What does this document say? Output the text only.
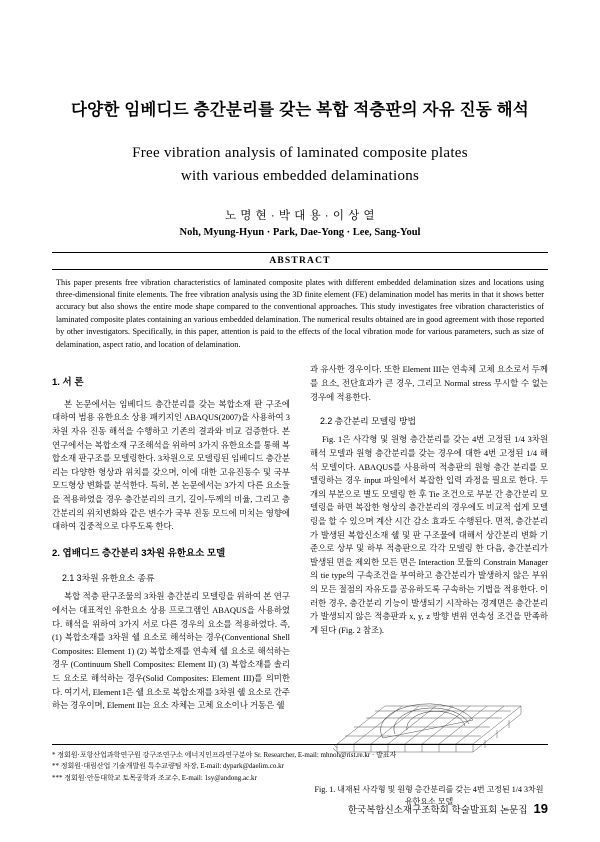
다양한 임베디드 층간분리를 갖는 복합 적층판의 자유 진동 해석
Free vibration analysis of laminated composite plates
with various embedded delaminations
노 명 현 · 박 대 용 · 이 상 열
Noh, Myung-Hyun · Park, Dae-Yong · Lee, Sang-Youl
ABSTRACT
This paper presents free vibration characteristics of laminated composite plates with different embedded delamination sizes and locations using three-dimensional finite elements. The free vibration analysis using the 3D finite element (FE) delamination model has merits in that it shows better accuracy but also shows the entire mode shape compared to the conventional approaches. This study investigates free vibration characteristics of laminated composite plates containing an various embedded delamination. The numerical results obtained are in good agreement with those reported by other investigators. Specifically, in this paper, attention is paid to the effects of the local vibration mode for various parameters, such as size of delamination, aspect ratio, and location of delamination.
1. 서 론

본 논문에서는 임베디드 층간분리를 갖는 복합소재 판 구조에 대하여 범용 유한요소 상용 패키지인 ABAQUS(2007)을 사용하여 3차원 자유 진동 해석을 수행하고 기존의 결과와 비교 검증한다. 본 연구에서는 복합소재 구조해석을 위하여 3가지 유한요소를 통해 복합소재 판구조를 모델링한다. 3차원으로 모델링된 임베디드 층간분리는 다양한 형상과 위치를 갖으며, 이에 대한 고유진동수 및 국부 모드형상 변화를 분석한다. 특히, 본 논문에서는 3가지 다른 요소들을 적용하였을 경우 층간분리의 크기, 길이-두께의 비율, 그리고 층간분리의 위치변화와 같은 변수가 국부 진동 모드에 미치는 영향에 대하여 집중적으로 다루도록 한다.

2. 엽배디드 층간분리 3차원 유한요소 모델
2.1 3차원 유한요소 종류

복합 적층 판구조물의 3차원 층간분리 모델링을 위하여 본 연구에서는 대표적인 유한요소 상용 프로그램인 ABAQUS을 사용하였다. 해석을 위하여 3가지 서로 다른 경우의 요소를 적용하였다. 즉, (1) 복합소재를 3차원 쉘 요소로 해석하는 경우(Conventional Shell Composites: Element 1) (2) 복합소재를 연속체 쉘 요소로 해석하는 경우 (Continuum Shell Composites: Element II) (3) 복합소재를 솔리드 요소로 해석하는 경우(Solid Composites: Element III)를 의미한다. 여기서, Element I은 쉘 요소로 복합소재를 3차원 쉘 요소로 간주하는 경우이며, Element II는 요소 자체는 고체 요소이나 거동은 쉘

과 유사한 경우이다. 또한 Element III는 연속체 고체 요소로서 두께를 요소, 전단효과가 큰 경우, 그리고 Normal stress 무시할 수 없는 경우에 적용한다.

2.2 층간분리 모델링 방법

Fig. 1은 사각형 및 원형 층간분리를 갖는 4번 고정된 1/4 3차원 해석 모델과 원형 층간분리를 갖는 경우에 대한 4번 고정된 1/4 해석 모델이다. ABAQUS를 사용하여 적층판의 원형 층간 분리를 모델링하는 경우 input 파일에서 복잡한 입력 과정을 필요로 한다. 두 개의 부분으로 별도 모델링 한 후 Tie 조건으로 부분 간 층간분리 모델링을 하면 복잡한 형상의 층간분리의 경우에도 비교적 쉽게 모델링을 할 수 있으며 계산 시간 감소 효과도 수행된다. 면적, 층간분리가 발생된 복합신소재 쉘 및 판 구조물에 대해서 상간분리 변화 기준으로 상부 및 하부 적층판으로 각각 모델링 한 다음, 층간분리가 발생된 면을 제외한 모든 면은 Interaction 모듈의 Constrain Manager의 tie type의 구속조건을 부여하고 층간분리가 발생하지 않은 부위의 모든 절점의 자유도를 공유하도록 구속하는 기법을 적용한다. 이러한 경우, 층간분리 기능이 발생되기 시작하는 경계면은 층간분리가 발생되지 않은 적층판과 x, y, z 방향 변위 연속성 조건을 만족하게 된다 (Fig. 2 참조).

Fig. 1. 내재된 사각형 및 원형 층간분리를 갖는 4번 고정된 1/4 3차원 유한요소 모델
* 정회원·포항산업과학연구원 강구조연구소 에너지인프라연구분야 Sr. Researcher, E-mail: mhnoh@rist.re.kr · 발표자
** 정회원·대림산업 기술개발원 특수교량팀 차장, E-mail: dypark@daelim.co.kr
*** 정회원·안동대학교 토목공학과 조교수, E-mail: 1sy@andong.ac.kr
한국복합신소재구조학회 학술발표회 논문집 19
